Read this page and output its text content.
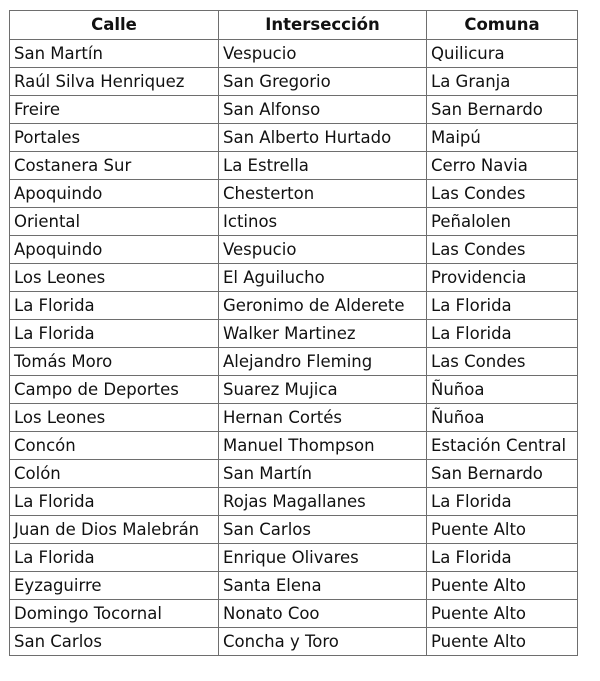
Calle	Intersección	Comuna
San Martín	Vespucio	Quilicura
Raúl Silva Henriquez	San Gregorio	La Granja
Freire	San Alfonso	San Bernardo
Portales	San Alberto Hurtado	Maipú
Costanera Sur	La Estrella	Cerro Navia
Apoquindo	Chesterton	Las Condes
Oriental	Ictinos	Peñalolen
Apoquindo	Vespucio	Las Condes
Los Leones	El Aguilucho	Providencia
La Florida	Geronimo de Alderete	La Florida
La Florida	Walker Martinez	La Florida
Tomás Moro	Alejandro Fleming	Las Condes
Campo de Deportes	Suarez Mujica	Ñuñoa
Los Leones	Hernan Cortés	Ñuñoa
Concón	Manuel Thompson	Estación Central
Colón	San Martín	San Bernardo
La Florida	Rojas Magallanes	La Florida
Juan de Dios Malebrán	San Carlos	Puente Alto
La Florida	Enrique Olivares	La Florida
Eyzaguirre	Santa Elena	Puente Alto
Domingo Tocornal	Nonato Coo	Puente Alto
San Carlos	Concha y Toro	Puente Alto
